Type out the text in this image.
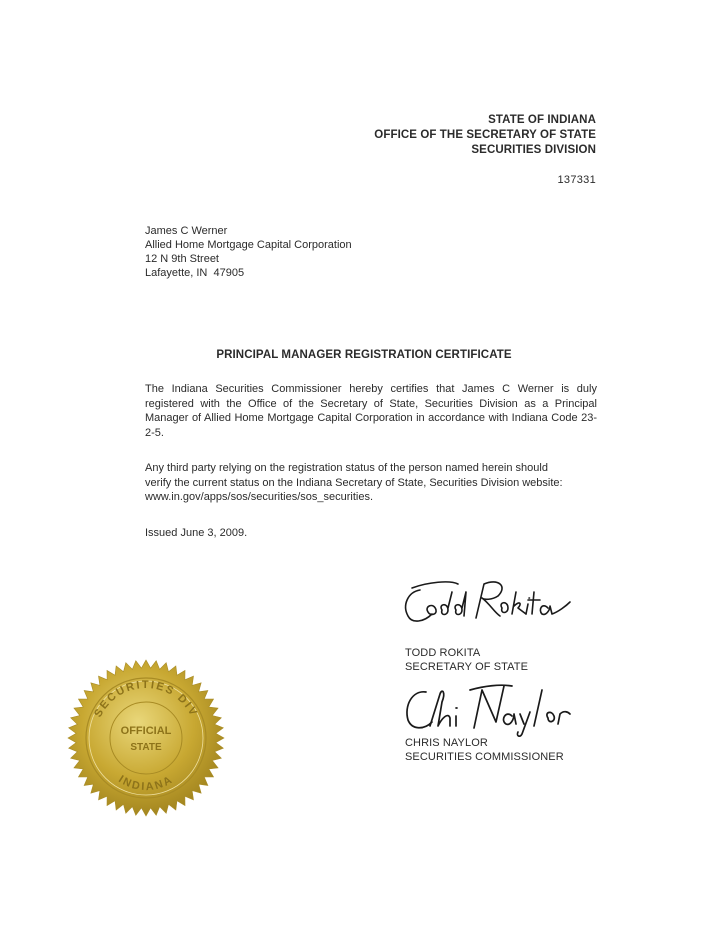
STATE OF INDIANA
OFFICE OF THE SECRETARY OF STATE
SECURITIES DIVISION
137331
James C Werner
Allied Home Mortgage Capital Corporation
12 N 9th Street
Lafayette, IN  47905
PRINCIPAL MANAGER REGISTRATION CERTIFICATE
The Indiana Securities Commissioner hereby certifies that James C Werner is duly registered with the Office of the Secretary of State, Securities Division as a Principal Manager of Allied Home Mortgage Capital Corporation in accordance with Indiana Code 23-2-5.
Any third party relying on the registration status of the person named herein should
verify the current status on the Indiana Secretary of State, Securities Division website:
www.in.gov/apps/sos/securities/sos_securities.
Issued June 3, 2009.
TODD ROKITA
SECRETARY OF STATE
CHRIS NAYLOR
SECURITIES COMMISSIONER
SECURITIES DIV
INDIANA
OFFICIAL
STATE
